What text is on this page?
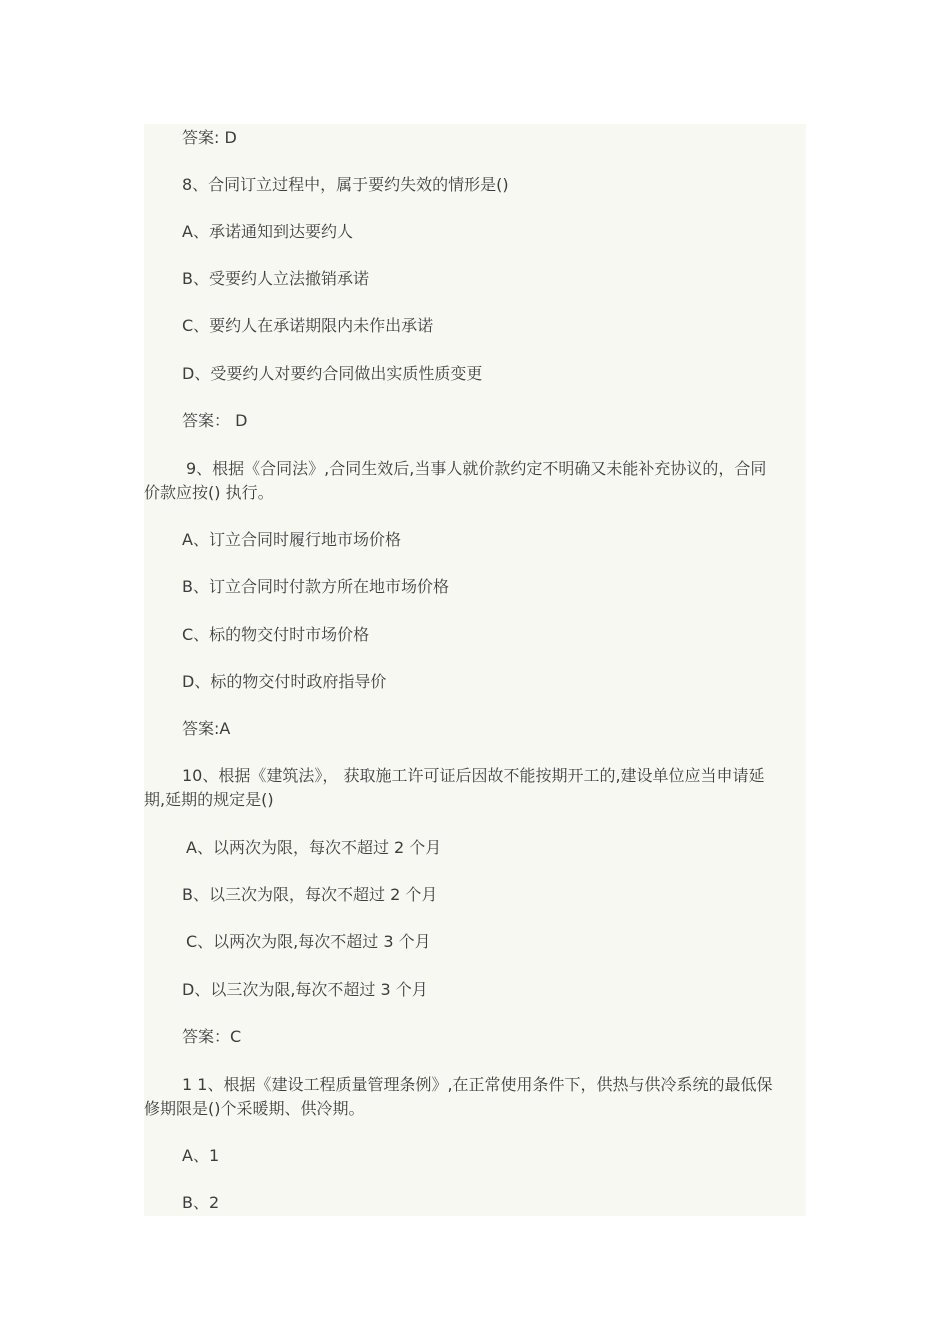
答案: D

8、合同订立过程中，属于要约失效的情形是()

A、承诺通知到达要约人

B、受要约人立法撤销承诺

C、要约人在承诺期限内未作出承诺

D、受要约人对要约合同做出实质性质变更

答案： D

9、根据《合同法》,合同生效后,当事人就价款约定不明确又未能补充协议的，合同

价款应按() 执行。

A、订立合同时履行地市场价格

B、订立合同时付款方所在地市场价格

C、标的物交付时市场价格

D、标的物交付时政府指导价

答案:A

10、根据《建筑法》， 获取施工许可证后因故不能按期开工的,建设单位应当申请延

期,延期的规定是()

A、以两次为限，每次不超过 2 个月

B、以三次为限，每次不超过 2 个月

C、以两次为限,每次不超过 3 个月

D、以三次为限,每次不超过 3 个月

答案：C

1 1、根据《建设工程质量管理条例》,在正常使用条件下，供热与供冷系统的最低保

修期限是()个采暖期、供冷期。

A、1

B、2
